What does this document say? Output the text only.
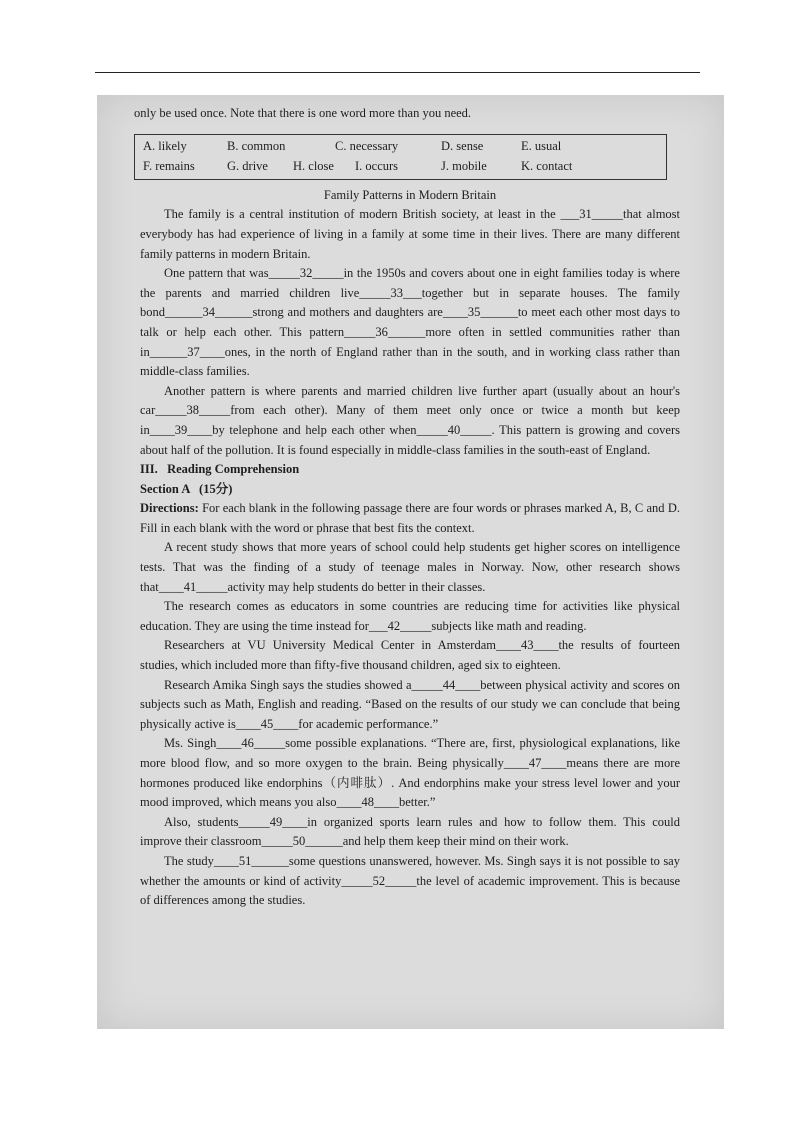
only be used once. Note that there is one word more than you need.

A. likely	B. common	C. necessary	D. sense	E. usual
F. remains	G. drive	H. close	I. occurs	J. mobile	K. contact

Family Patterns in Modern Britain

The family is a central institution of modern British society, at least in the ___31_____that almost everybody has had experience of living in a family at some time in their lives. There are many different family patterns in modern Britain.

One pattern that was_____32_____in the 1950s and covers about one in eight families today is where the parents and married children live_____33___together but in separate houses. The family bond______34______strong and mothers and daughters are____35______to meet each other most days to talk or help each other. This pattern_____36______more often in settled communities rather than in______37____ones, in the north of England rather than in the south, and in working class rather than middle-class families.

Another pattern is where parents and married children live further apart (usually about an hour's car_____38_____from each other). Many of them meet only once or twice a month but keep in____39____by telephone and help each other when_____40_____. This pattern is growing and covers about half of the pollution. It is found especially in middle-class families in the south-east of England.

III.   Reading Comprehension

Section A   (15分)

Directions: For each blank in the following passage there are four words or phrases marked A, B, C and D. Fill in each blank with the word or phrase that best fits the context.

A recent study shows that more years of school could help students get higher scores on intelligence tests. That was the finding of a study of teenage males in Norway. Now, other research shows that____41_____activity may help students do better in their classes.

The research comes as educators in some countries are reducing time for activities like physical education. They are using the time instead for___42_____subjects like math and reading.

Researchers at VU University Medical Center in Amsterdam____43____the results of fourteen studies, which included more than fifty-five thousand children, aged six to eighteen.

Research Amika Singh says the studies showed a_____44____between physical activity and scores on subjects such as Math, English and reading. “Based on the results of our study we can conclude that being physically active is____45____for academic performance.”

Ms. Singh____46_____some possible explanations. “There are, first, physiological explanations, like more blood flow, and so more oxygen to the brain. Being physically____47____means there are more hormones produced like endorphins（内啡肽）. And endorphins make your stress level lower and your mood improved, which means you also____48____better.”

Also, students_____49____in organized sports learn rules and how to follow them. This could improve their classroom_____50______and help them keep their mind on their work.

The study____51______some questions unanswered, however. Ms. Singh says it is not possible to say whether the amounts or kind of activity_____52_____the level of academic improvement. This is because of differences among the studies.
